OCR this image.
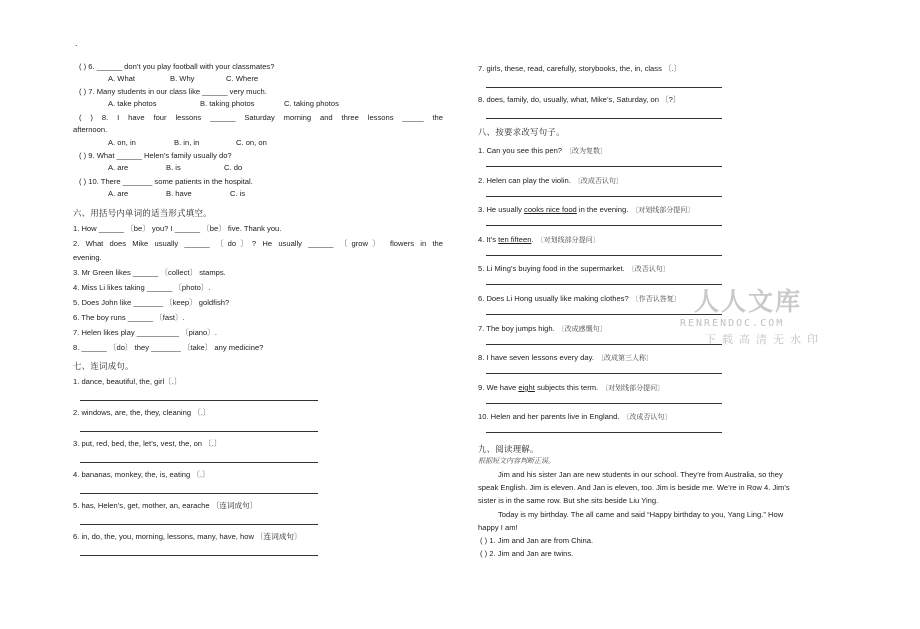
.
( ) 6. ______ don’t you play football with your classmates?
A. What	B. Why	C. Where
( ) 7. Many students in our class like ______ very much.
A. take photos	B. taking photos	C. taking photos
( ) 8. I have four lessons ______ Saturday morning and three lessons _____ the
afternoon.
A. on, in	B. in, in	C. on, on
( ) 9. What ______ Helen’s family usually do?
A. are	B. is	C. do
( ) 10. There _______ some patients in the hospital.
A. are	B. have	C. is
六、用括号内单词的适当形式填空。
1. How ______ 〔be〕 you? I ______ 〔be〕 five. Thank you.
2. What does Mike usually ______ 〔do〕? He usually ______ 〔grow〕 flowers in the
evening.
3. Mr Green likes ______ 〔collect〕 stamps.
4. Miss Li likes taking ______ 〔photo〕.
5. Does John like _______ 〔keep〕 goldfish?
6. The boy runs ______ 〔fast〕.
7. Helen likes play __________ 〔piano〕.
8. ______ 〔do〕 they _______ 〔take〕 any medicine?
七、连词成句。
1. dance, beautiful, the, girl〔.〕
2. windows, are, the, they, cleaning 〔.〕
3. put, red, bed, the, let’s, vest, the, on 〔.〕
4. bananas, monkey, the, is, eating 〔.〕
5. has, Helen’s, get, mother, an, earache 〔连词成句〕
6. in, do, the, you, morning, lessons, many, have, how 〔连词成句〕
7. girls, these, read, carefully, storybooks, the, in, class 〔.〕
8. does, family, do, usually, what, Mike’s, Saturday, on 〔?〕
八、按要求改写句子。
1. Can you see this pen? 〔改为复数〕
2. Helen can play the violin. 〔改成否认句〕
3. He usually cooks nice food in the evening. 〔对划线部分提问〕
4. It’s ten fifteen. 〔对划线部分提问〕
5. Li Ming’s buying food in the supermarket. 〔改否认句〕
6. Does Li Hong usually like making clothes? 〔作否认答复〕
7. The boy jumps high. 〔改成感慨句〕
8. I have seven lessons every day. 〔改成第三人称〕
9. We have eight subjects this term. 〔对划线部分提问〕
10. Helen and her parents live in England. 〔改成否认句〕
九、阅读理解。
根据短文内容判断正误。
Jim and his sister Jan are new students in our school. They’re from Australia, so they
speak English. Jim is eleven. And Jan is eleven, too. Jim is beside me. We’re in Row 4. Jim’s
sister is in the same row. But she sits beside Liu Ying.
Today is my birthday. The all came and said “Happy birthday to you, Yang Ling.” How
happy I am!
( ) 1. Jim and Jan are from China.
( ) 2. Jim and Jan are twins.
人人文库
RENRENDOC.COM
下载高清无水印
